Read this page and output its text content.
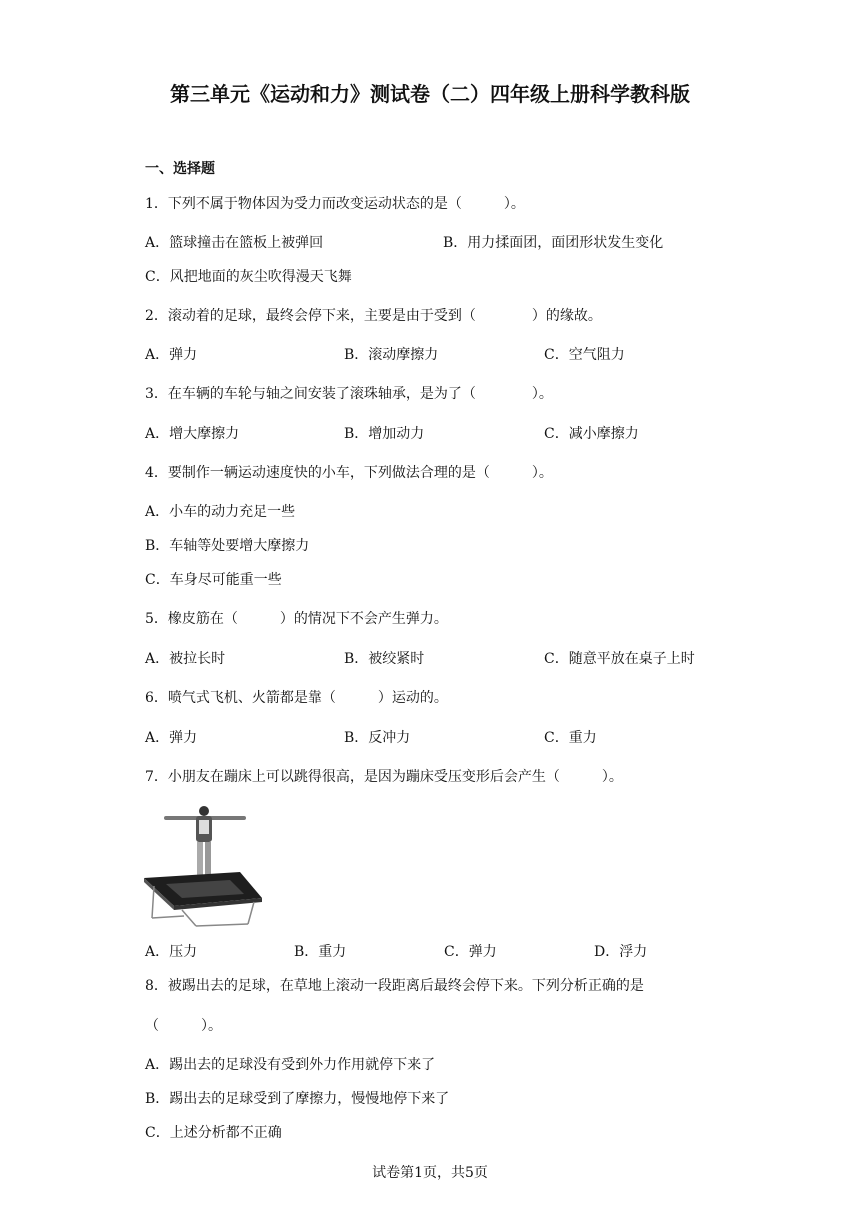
第三单元《运动和力》测试卷（二）四年级上册科学教科版
一、选择题
1．下列不属于物体因为受力而改变运动状态的是（　　　）。
A．篮球撞击在篮板上被弹回	B．用力揉面团，面团形状发生变化
C．风把地面的灰尘吹得漫天飞舞
2．滚动着的足球，最终会停下来，主要是由于受到（　　　　）的缘故。
A．弹力	B．滚动摩擦力	C．空气阻力
3．在车辆的车轮与轴之间安装了滚珠轴承，是为了（　　　　）。
A．增大摩擦力	B．增加动力	C．减小摩擦力
4．要制作一辆运动速度快的小车，下列做法合理的是（　　　）。
A．小车的动力充足一些
B．车轴等处要增大摩擦力
C．车身尽可能重一些
5．橡皮筋在（　　　）的情况下不会产生弹力。
A．被拉长时	B．被绞紧时	C．随意平放在桌子上时
6．喷气式飞机、火箭都是靠（　　　）运动的。
A．弹力	B．反冲力	C．重力
7．小朋友在蹦床上可以跳得很高，是因为蹦床受压变形后会产生（　　　）。
A．压力	B．重力	C．弹力	D．浮力
8．被踢出去的足球，在草地上滚动一段距离后最终会停下来。下列分析正确的是
（　　　）。
A．踢出去的足球没有受到外力作用就停下来了
B．踢出去的足球受到了摩擦力，慢慢地停下来了
C．上述分析都不正确
试卷第1页，共5页
